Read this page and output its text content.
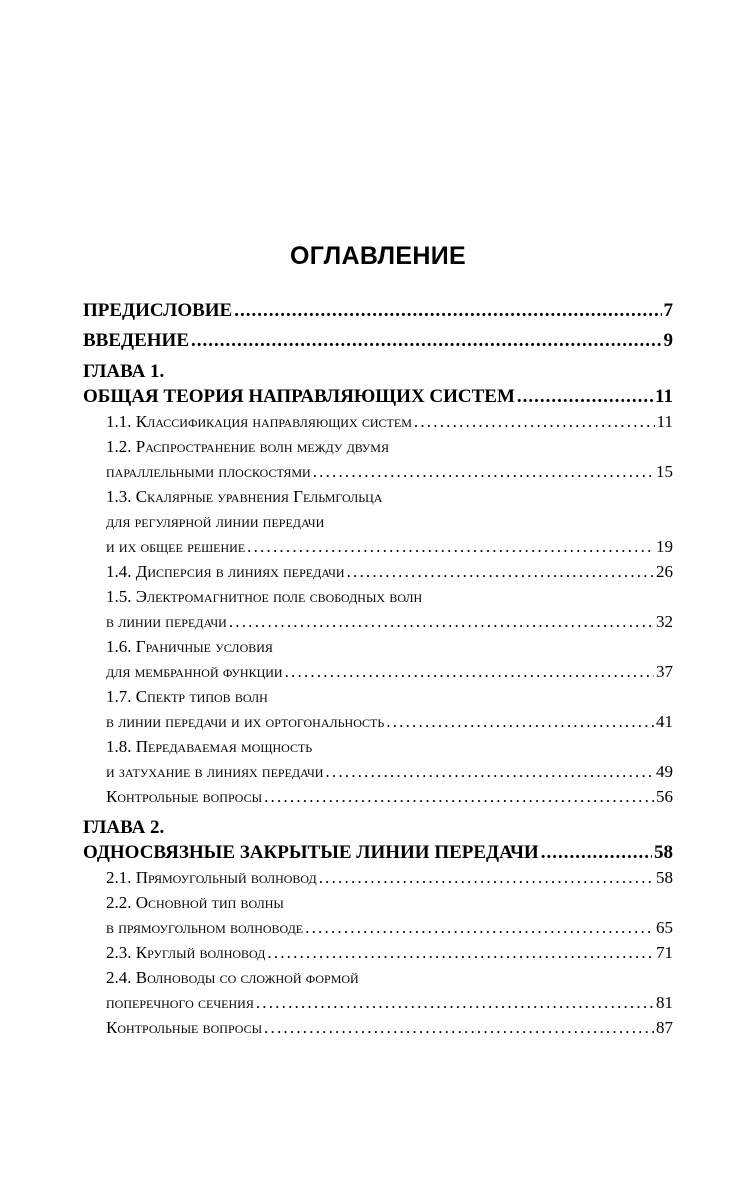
ОГЛАВЛЕНИЕ
ПРЕДИСЛОВИЕ .....	7
ВВЕДЕНИЕ .....	9
ГЛАВА 1.
ОБЩАЯ ТЕОРИЯ НАПРАВЛЯЮЩИХ СИСТЕМ .....	11
1.1. Классификация направляющих систем .....	11
1.2. Распространение волн между двумя
параллельными плоскостями .....	15
1.3. Скалярные уравнения Гельмгольца
для регулярной линии передачи
и их общее решение .....	19
1.4. Дисперсия в линиях передачи .....	26
1.5. Электромагнитное поле свободных волн
в линии передачи .....	32
1.6. Граничные условия
для мембранной функции .....	37
1.7. Спектр типов волн
в линии передачи и их ортогональность .....	41
1.8. Передаваемая мощность
и затухание в линиях передачи .....	49
Контрольные вопросы .....	56
ГЛАВА 2.
ОДНОСВЯЗНЫЕ ЗАКРЫТЫЕ ЛИНИИ ПЕРЕДАЧИ .....	58
2.1. Прямоугольный волновод .....	58
2.2. Основной тип волны
в прямоугольном волноводе .....	65
2.3. Круглый волновод .....	71
2.4. Волноводы со сложной формой
поперечного сечения .....	81
Контрольные вопросы .....	87
